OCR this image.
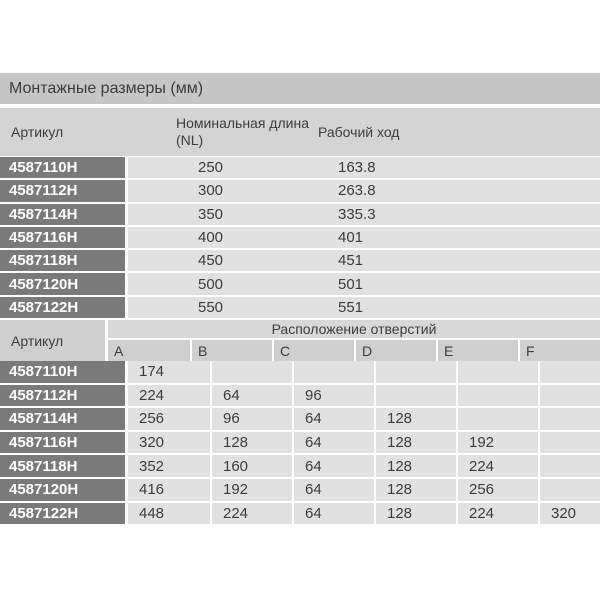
Монтажные размеры (мм)
Артикул
Номинальная длина (NL)	Рабочий ход
4587110H	250	163.8
4587112H	300	263.8
4587114H	350	335.3
4587116H	400	401
4587118H	450	451
4587120H	500	501
4587122H	550	551
Артикул
Расположение отверстий
A	B	C	D	E	F
4587110H	174
4587112H	224	64	96
4587114H	256	96	64	128
4587116H	320	128	64	128	192
4587118H	352	160	64	128	224
4587120H	416	192	64	128	256
4587122H	448	224	64	128	224	320
